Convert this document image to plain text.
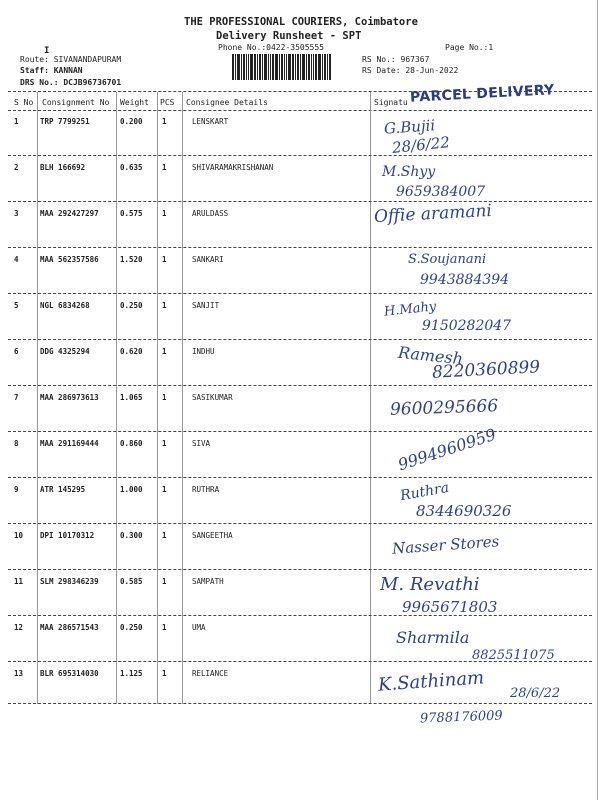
THE PROFESSIONAL COURIERS, Coimbatore
Delivery Runsheet - SPT
Phone No.:0422-3505555	Page No.:1
I
Route: SIVANANDAPURAM
Staff: KANNAN
DRS No.: DCJB96736701
RS No.: 967367
RS Date: 28-Jun-2022
PARCEL DELIVERY
S No Consignment No Weight PCS Consignee Details	Signatu
1	TRP 7799251	0.200	1	LENSKART	G.Bujii
28/6/22
2	BLH 166692	0.635	1	SHIVARAMAKRISHANAN	M.Shyy
9659384007
3	MAA 292427297	0.575	1	ARULDASS	Offie aramani
4	MAA 562357586	1.520	1	SANKARI	S.Soujanani
9943884394
5	NGL 6834268	0.250	1	SANJIT	H.Mahy
9150282047
6	DDG 4325294	0.620	1	INDHU	Ramesh
8220360899
7	MAA 286973613	1.065	1	SASIKUMAR	9600295666
8	MAA 291169444	0.860	1	SIVA	9994960959
9	ATR 145295	1.000	1	RUTHRA	Ruthra
8344690326
10 DPI 10170312	0.300	1	SANGEETHA	Nasser Stores
11 SLM 298346239	0.585	1	SAMPATH	M. Revathi
9965671803
12 MAA 286571543	0.250	1	UMA
Sharmila
8825511075
13 BLR 695314030	1.125	1	RELIANCE	K.Sathinam 28/6/22
9788176009
